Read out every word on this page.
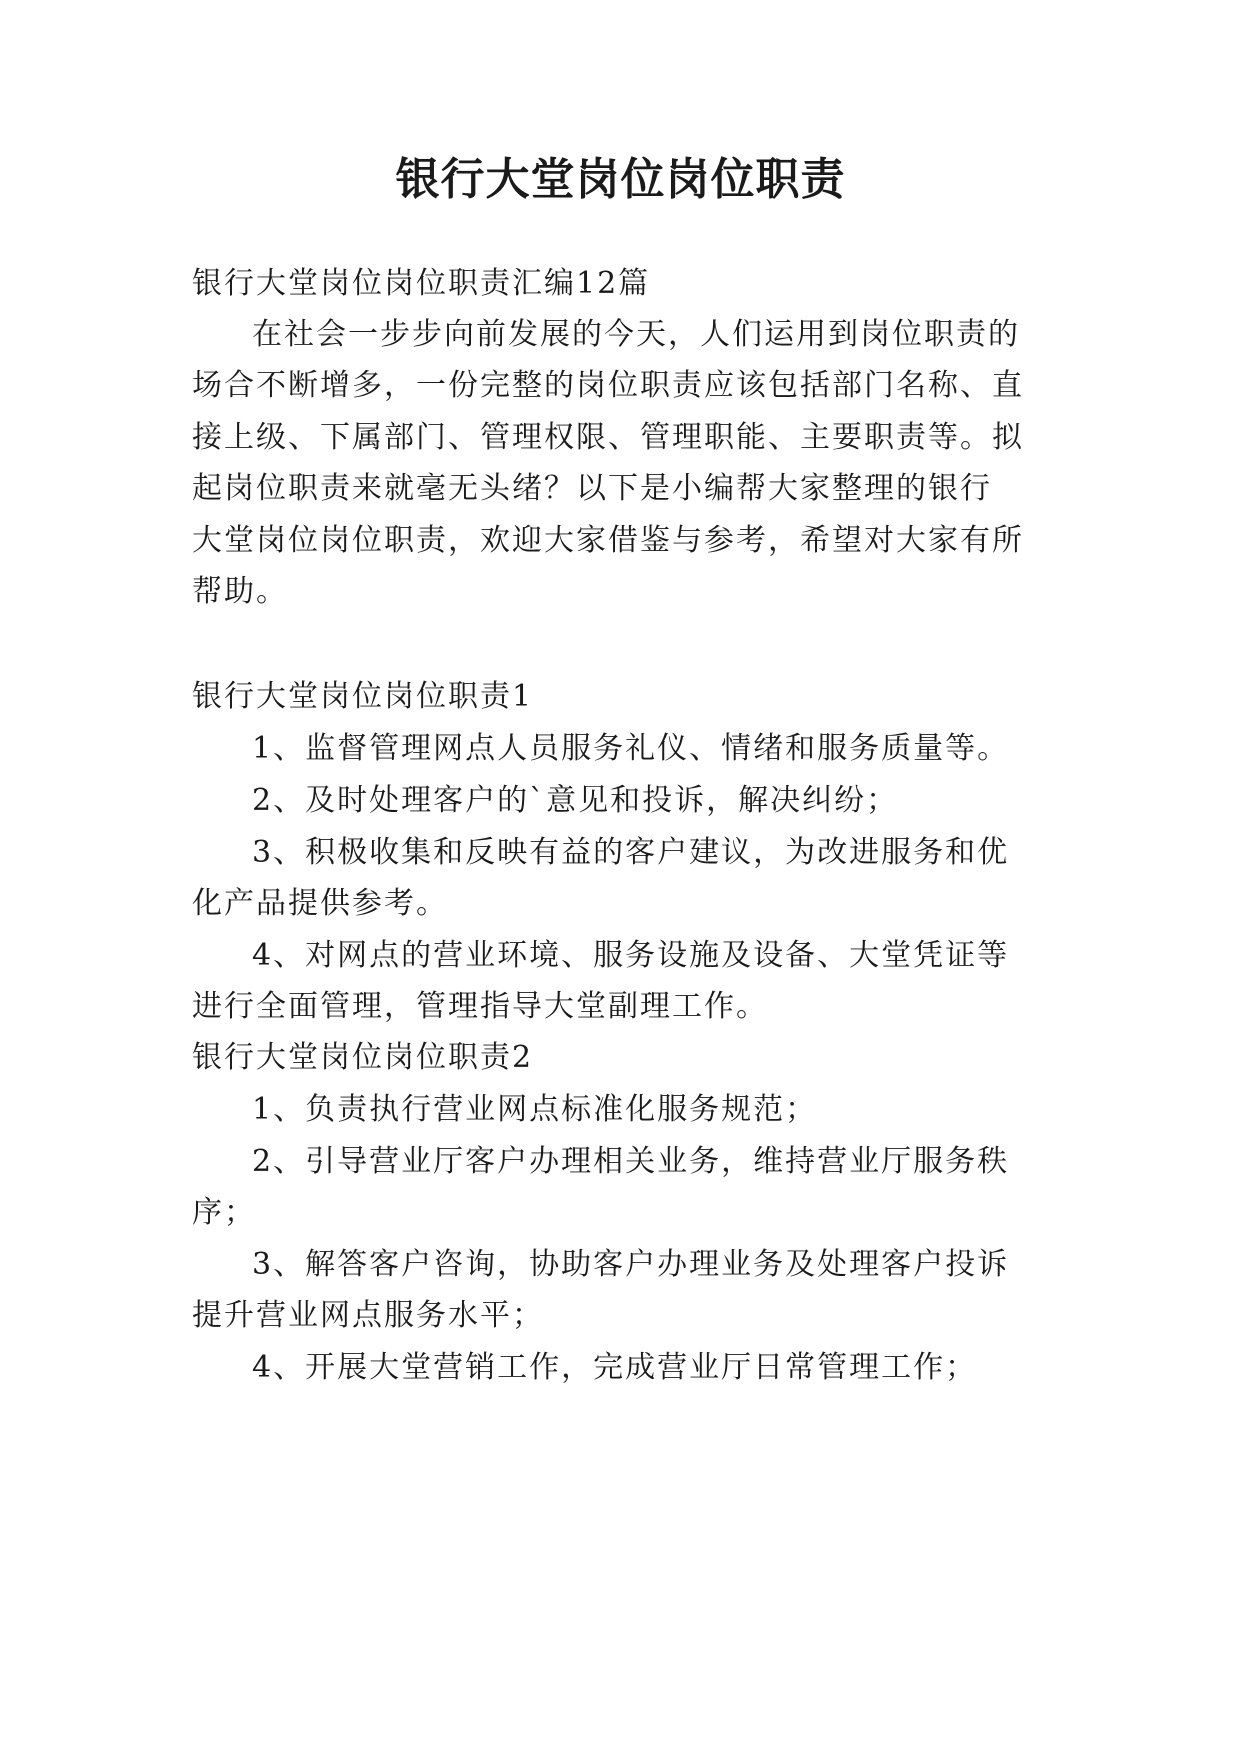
银行大堂岗位岗位职责
银行大堂岗位岗位职责汇编12篇
在社会一步步向前发展的今天，人们运用到岗位职责的
场合不断增多，一份完整的岗位职责应该包括部门名称、直
接上级、下属部门、管理权限、管理职能、主要职责等。拟
起岗位职责来就毫无头绪？以下是小编帮大家整理的银行
大堂岗位岗位职责，欢迎大家借鉴与参考，希望对大家有所
帮助。
银行大堂岗位岗位职责1
1、监督管理网点人员服务礼仪、情绪和服务质量等。
2、及时处理客户的`意见和投诉，解决纠纷；
3、积极收集和反映有益的客户建议，为改进服务和优
化产品提供参考。
4、对网点的营业环境、服务设施及设备、大堂凭证等
进行全面管理，管理指导大堂副理工作。
银行大堂岗位岗位职责2
1、负责执行营业网点标准化服务规范；
2、引导营业厅客户办理相关业务，维持营业厅服务秩
序；
3、解答客户咨询，协助客户办理业务及处理客户投诉
提升营业网点服务水平；
4、开展大堂营销工作，完成营业厅日常管理工作；
